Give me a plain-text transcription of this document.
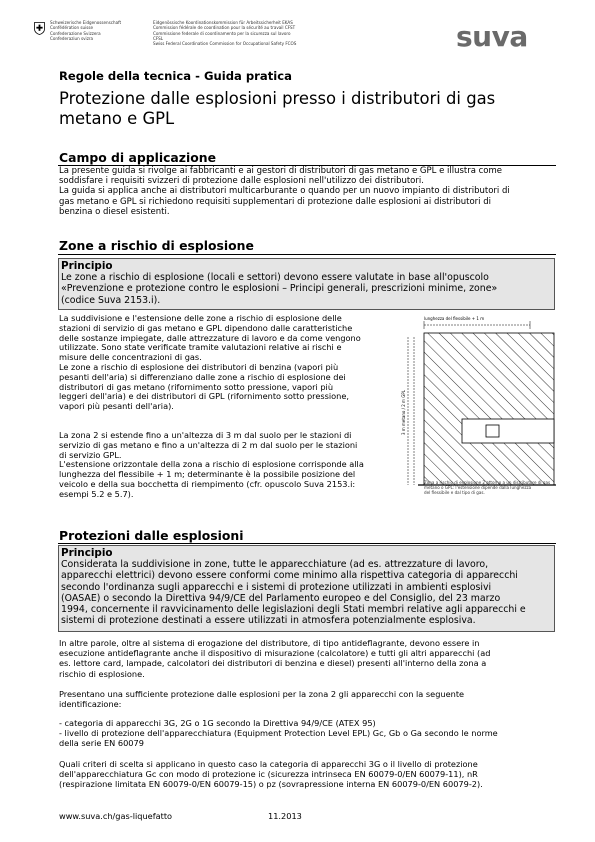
Schweizerische Eidgenossenschaft
Confédération suisse
Confederazione Svizzera
Confederaziun svizra
Eidgenössische Koordinationskommission für Arbeitssicherheit EKAS
Commission fédérale de coordination pour la sécurité au travail CFST
Commissione federale di coordinamento per la sicurezza sul lavoro CFSL
Swiss Federal Coordination Commission for Occupational Safety FCOS	suva
Regole della tecnica - Guida pratica
Protezione dalle esplosioni presso i distributori di gas
metano e GPL
Campo di applicazione
La presente guida si rivolge ai fabbricanti e ai gestori di distributori di gas metano e GPL e illustra come
soddisfare i requisiti svizzeri di protezione dalle esplosioni nell'utilizzo dei distributori.
La guida si applica anche ai distributori multicarburante o quando per un nuovo impianto di distributori di
gas metano e GPL si richiedono requisiti supplementari di protezione dalle esplosioni ai distributori di
benzina o diesel esistenti.
Zone a rischio di esplosione
Principio
Le zone a rischio di esplosione (locali e settori) devono essere valutate in base all'opuscolo
«Prevenzione e protezione contro le esplosioni – Principi generali, prescrizioni minime, zone»
(codice Suva 2153.i).
La suddivisione e l'estensione delle zone a rischio di esplosione delle
stazioni di servizio di gas metano e GPL dipendono dalle caratteristiche
delle sostanze impiegate, dalle attrezzature di lavoro e da come vengono
utilizzate. Sono state verificate tramite valutazioni relative ai rischi e
misure delle concentrazioni di gas.
Le zone a rischio di esplosione dei distributori di benzina (vapori più
pesanti dell'aria) si differenziano dalle zone a rischio di esplosione dei
distributori di gas metano (rifornimento sotto pressione, vapori più
leggeri dell'aria) e dei distributori di GPL (rifornimento sotto pressione,
vapori più pesanti dell'aria).
La zona 2 si estende fino a un'altezza di 3 m dal suolo per le stazioni di
servizio di gas metano e fino a un'altezza di 2 m dal suolo per le stazioni
di servizio GPL.
L'estensione orizzontale della zona a rischio di esplosione corrisponde alla
lunghezza del flessibile + 1 m; determinante è la possibile posizione del
veicolo e della sua bocchetta di riempimento (cfr. opuscolo Suva 2153.i:
esempi 5.2 e 5.7).
lunghezza del flessibile + 1 m
3 m metano / 2 m GPL
Zona a rischio di esplosione 2 attorno a un distributore di gas
metano o GPL: l'estensione dipende dalla lunghezza
del flessibile e dal tipo di gas.
Protezioni dalle esplosioni
Principio
Considerata la suddivisione in zone, tutte le apparecchiature (ad es. attrezzature di lavoro,
apparecchi elettrici) devono essere conformi come minimo alla rispettiva categoria di apparecchi
secondo l'ordinanza sugli apparecchi e i sistemi di protezione utilizzati in ambienti esplosivi
(OASAE) o secondo la Direttiva 94/9/CE del Parlamento europeo e del Consiglio, del 23 marzo
1994, concernente il ravvicinamento delle legislazioni degli Stati membri relative agli apparecchi e
sistemi di protezione destinati a essere utilizzati in atmosfera potenzialmente esplosiva.
In altre parole, oltre al sistema di erogazione del distributore, di tipo antideflagrante, devono essere in
esecuzione antideflagrante anche il dispositivo di misurazione (calcolatore) e tutti gli altri apparecchi (ad
es. lettore card, lampade, calcolatori dei distributori di benzina e diesel) presenti all'interno della zona a
rischio di esplosione.
Presentano una sufficiente protezione dalle esplosioni per la zona 2 gli apparecchi con la seguente
identificazione:
- categoria di apparecchi 3G, 2G o 1G secondo la Direttiva 94/9/CE (ATEX 95)
- livello di protezione dell'apparecchiatura (Equipment Protection Level EPL) Gc, Gb o Ga secondo le norme
della serie EN 60079
Quali criteri di scelta si applicano in questo caso la categoria di apparecchi 3G o il livello di protezione
dell'apparecchiatura Gc con modo di protezione ic (sicurezza intrinseca EN 60079-0/EN 60079-11), nR
(respirazione limitata EN 60079-0/EN 60079-15) o pz (sovrapressione interna EN 60079-0/EN 60079-2).
www.suva.ch/gas-liquefatto	11.2013
